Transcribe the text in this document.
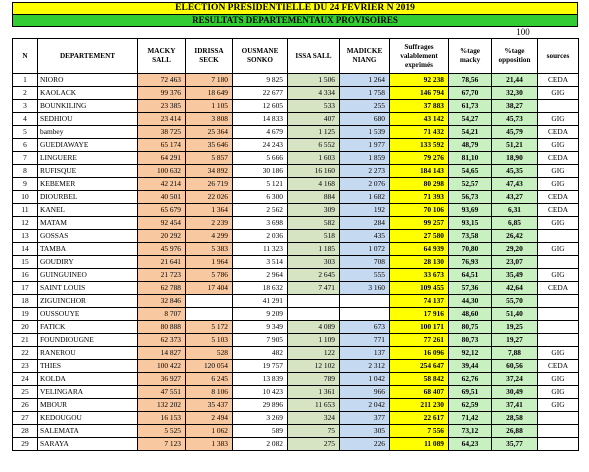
ELECTION PRESIDENTIELLE DU 24 FEVRIER N 2019
RESULTATS DEPARTEMENTAUX PROVISOIRES
100
N	DEPARTEMENT	MACKY SALL	IDRISSA SECK	OUSMANE SONKO	ISSA SALL	MADICKE NIANG	Suffrages valablement exprimés	%tage macky	%tage opposition	sources
1	NIORO	72 463	7 180	9 825	1 506	1 264	92 238	78,56	21,44	CEDA
2	KAOLACK	99 376	18 649	22 677	4 334	1 758	146 794	67,70	32,30	GIG
3	BOUNKILING	23 385	1 105	12 605	533	255	37 883	61,73	38,27	
4	SEDHIOU	23 414	3 808	14 833	407	680	43 142	54,27	45,73	GIG
5	bambey	38 725	25 364	4 679	1 125	1 539	71 432	54,21	45,79	CEDA
6	GUEDIAWAYE	65 174	35 646	24 243	6 552	1 977	133 592	48,79	51,21	GIG
7	LINGUERE	64 291	5 857	5 666	1 603	1 859	79 276	81,10	18,90	CEDA
8	RUFISQUE	100 632	34 892	30 186	16 160	2 273	184 143	54,65	45,35	GIG
9	KEBEMER	42 214	26 719	5 121	4 168	2 076	80 298	52,57	47,43	GIG
10	DIOURBEL	40 501	22 026	6 300	884	1 682	71 393	56,73	43,27	CEDA
11	KANEL	65 679	1 364	2 562	309	192	70 106	93,69	6,31	CEDA
12	MATAM	92 454	2 239	3 698	582	284	99 257	93,15	6,85	GIG
13	GOSSAS	20 292	4 299	2 036	518	435	27 580	73,58	26,42	
14	TAMBA	45 976	5 383	11 323	1 185	1 072	64 939	70,80	29,20	GIG
15	GOUDIRY	21 641	1 964	3 514	303	708	28 130	76,93	23,07	
16	GUINGUINEO	21 723	5 786	2 964	2 645	555	33 673	64,51	35,49	GIG
17	SAINT LOUIS	62 788	17 404	18 632	7 471	3 160	109 455	57,36	42,64	CEDA
18	ZIGUINCHOR	32 846		41 291			74 137	44,30	55,70	
19	OUSSOUYE	8 707		9 209			17 916	48,60	51,40	
20	FATICK	80 888	5 172	9 349	4 089	673	100 171	80,75	19,25	
21	FOUNDIOUGNE	62 373	5 103	7 905	1 109	771	77 261	80,73	19,27	
22	RANEROU	14 827	528	482	122	137	16 096	92,12	7,88	GIG
23	THIES	100 422	120 054	19 757	12 102	2 312	254 647	39,44	60,56	CEDA
24	KOLDA	36 927	6 245	13 839	789	1 042	58 842	62,76	37,24	GIG
25	VELINGARA	47 551	8 106	10 423	1 361	966	68 407	69,51	30,49	GIG
26	MBOUR	132 202	35 437	29 896	11 653	2 042	211 230	62,59	37,41	GIG
27	KEDOUGOU	16 153	2 494	3 269	324	377	22 617	71,42	28,58	
28	SALEMATA	5 525	1 062	589	75	305	7 556	73,12	26,88	
29	SARAYA	7 123	1 383	2 082	275	226	11 089	64,23	35,77	
